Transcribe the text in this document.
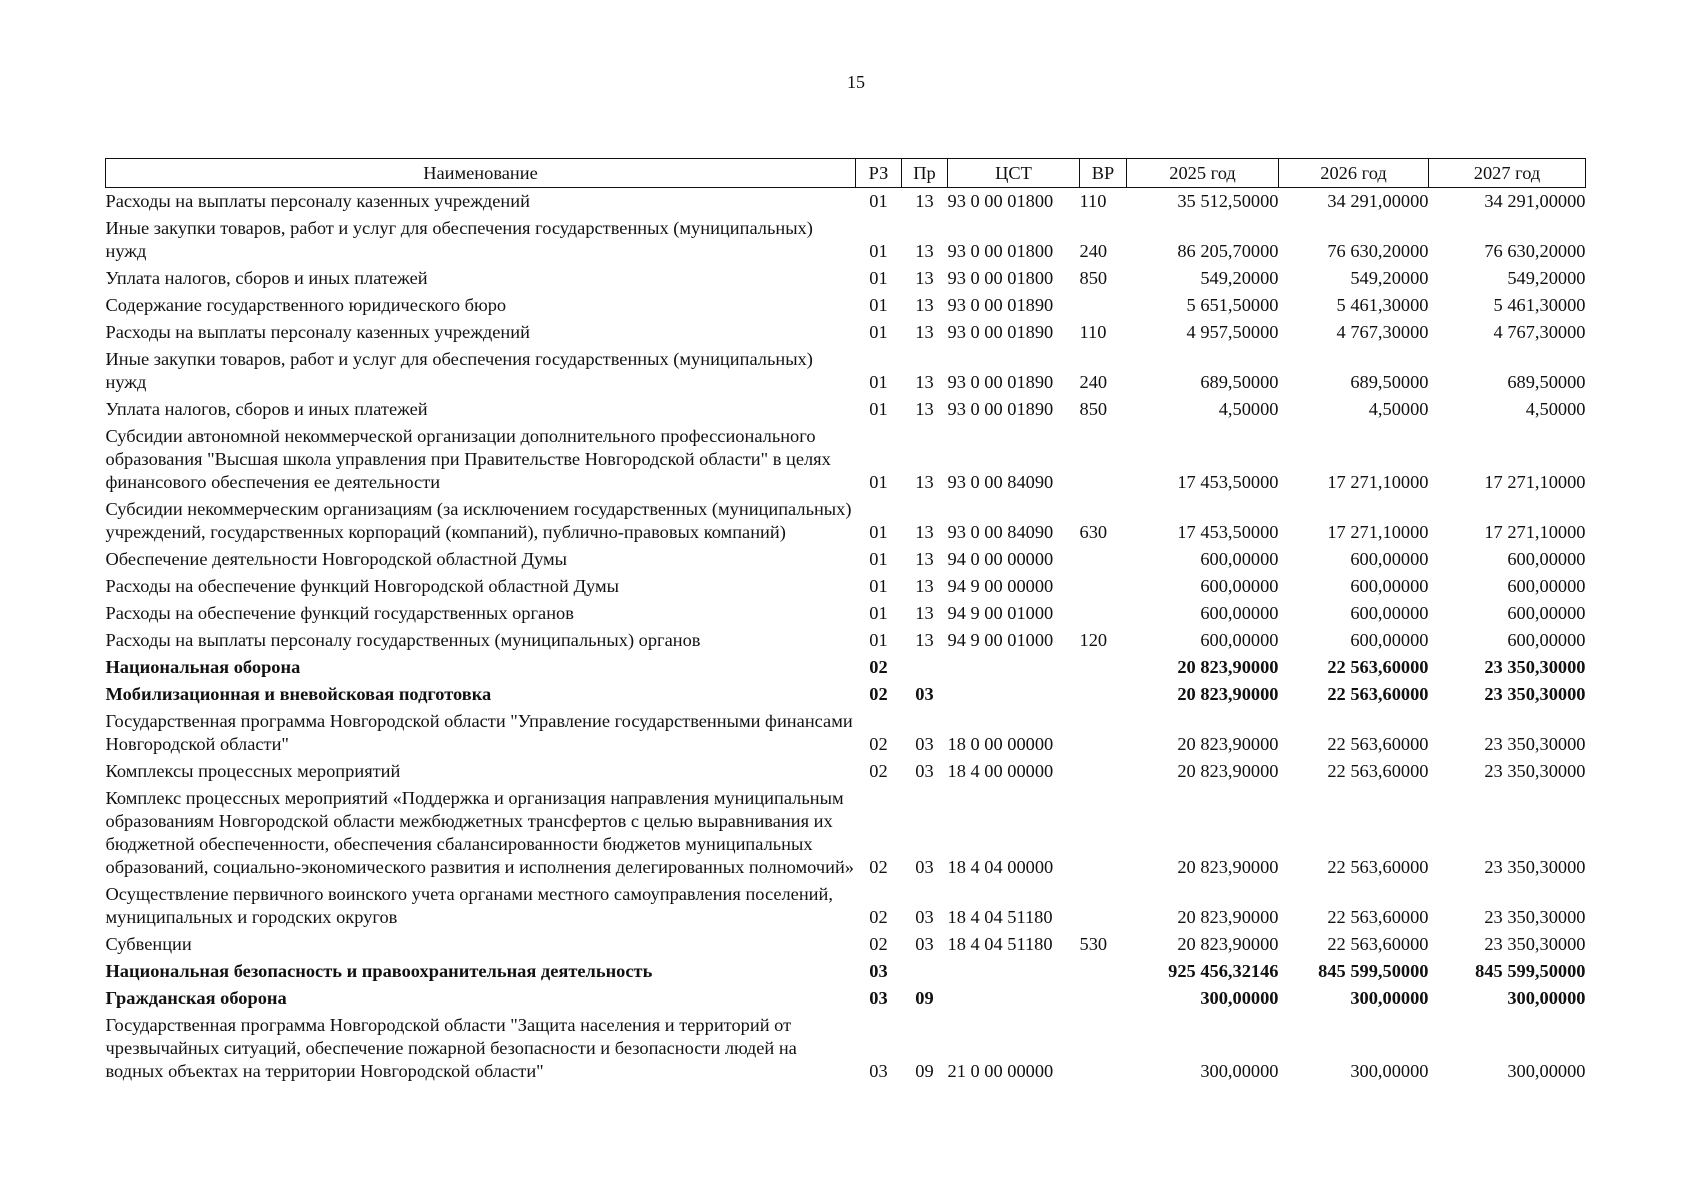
15
Наименование	РЗ	Пр	ЦСТ	ВР	2025 год	2026 год	2027 год
Расходы на выплаты персоналу казенных учреждений	01	13	93 0 00 01800	110	35 512,50000	34 291,00000	34 291,00000
Иные закупки товаров, работ и услуг для обеспечения государственных (муниципальных) нужд	01	13	93 0 00 01800	240	86 205,70000	76 630,20000	76 630,20000
Уплата налогов, сборов и иных платежей	01	13	93 0 00 01800	850	549,20000	549,20000	549,20000
Содержание государственного юридического бюро	01	13	93 0 00 01890		5 651,50000	5 461,30000	5 461,30000
Расходы на выплаты персоналу казенных учреждений	01	13	93 0 00 01890	110	4 957,50000	4 767,30000	4 767,30000
Иные закупки товаров, работ и услуг для обеспечения государственных (муниципальных) нужд	01	13	93 0 00 01890	240	689,50000	689,50000	689,50000
Уплата налогов, сборов и иных платежей	01	13	93 0 00 01890	850	4,50000	4,50000	4,50000
Субсидии автономной некоммерческой организации дополнительного профессионального образования "Высшая школа управления при Правительстве Новгородской области" в целях финансового обеспечения ее деятельности	01	13	93 0 00 84090		17 453,50000	17 271,10000	17 271,10000
Субсидии некоммерческим организациям (за исключением государственных (муниципальных) учреждений, государственных корпораций (компаний), публично-правовых компаний)	01	13	93 0 00 84090	630	17 453,50000	17 271,10000	17 271,10000
Обеспечение деятельности Новгородской областной Думы	01	13	94 0 00 00000		600,00000	600,00000	600,00000
Расходы на обеспечение функций Новгородской областной Думы	01	13	94 9 00 00000		600,00000	600,00000	600,00000
Расходы на обеспечение функций государственных органов	01	13	94 9 00 01000		600,00000	600,00000	600,00000
Расходы на выплаты персоналу государственных (муниципальных) органов	01	13	94 9 00 01000	120	600,00000	600,00000	600,00000
Национальная оборона	02				20 823,90000	22 563,60000	23 350,30000
Мобилизационная и вневойсковая подготовка	02	03			20 823,90000	22 563,60000	23 350,30000
Государственная программа Новгородской области "Управление государственными финансами Новгородской области"	02	03	18 0 00 00000		20 823,90000	22 563,60000	23 350,30000
Комплексы процессных мероприятий	02	03	18 4 00 00000		20 823,90000	22 563,60000	23 350,30000
Комплекс процессных мероприятий «Поддержка и организация направления муниципальным образованиям Новгородской области межбюджетных трансфертов с целью выравнивания их бюджетной обеспеченности, обеспечения сбалансированности бюджетов муниципальных образований, социально-экономического развития и исполнения делегированных полномочий»	02	03	18 4 04 00000		20 823,90000	22 563,60000	23 350,30000
Осуществление первичного воинского учета органами местного самоуправления поселений, муниципальных и городских округов	02	03	18 4 04 51180		20 823,90000	22 563,60000	23 350,30000
Субвенции	02	03	18 4 04 51180	530	20 823,90000	22 563,60000	23 350,30000
Национальная безопасность и правоохранительная деятельность	03				925 456,32146	845 599,50000	845 599,50000
Гражданская оборона	03	09			300,00000	300,00000	300,00000
Государственная программа Новгородской области "Защита населения и территорий от чрезвычайных ситуаций, обеспечение пожарной безопасности и безопасности людей на водных объектах на территории Новгородской области"	03	09	21 0 00 00000		300,00000	300,00000	300,00000
